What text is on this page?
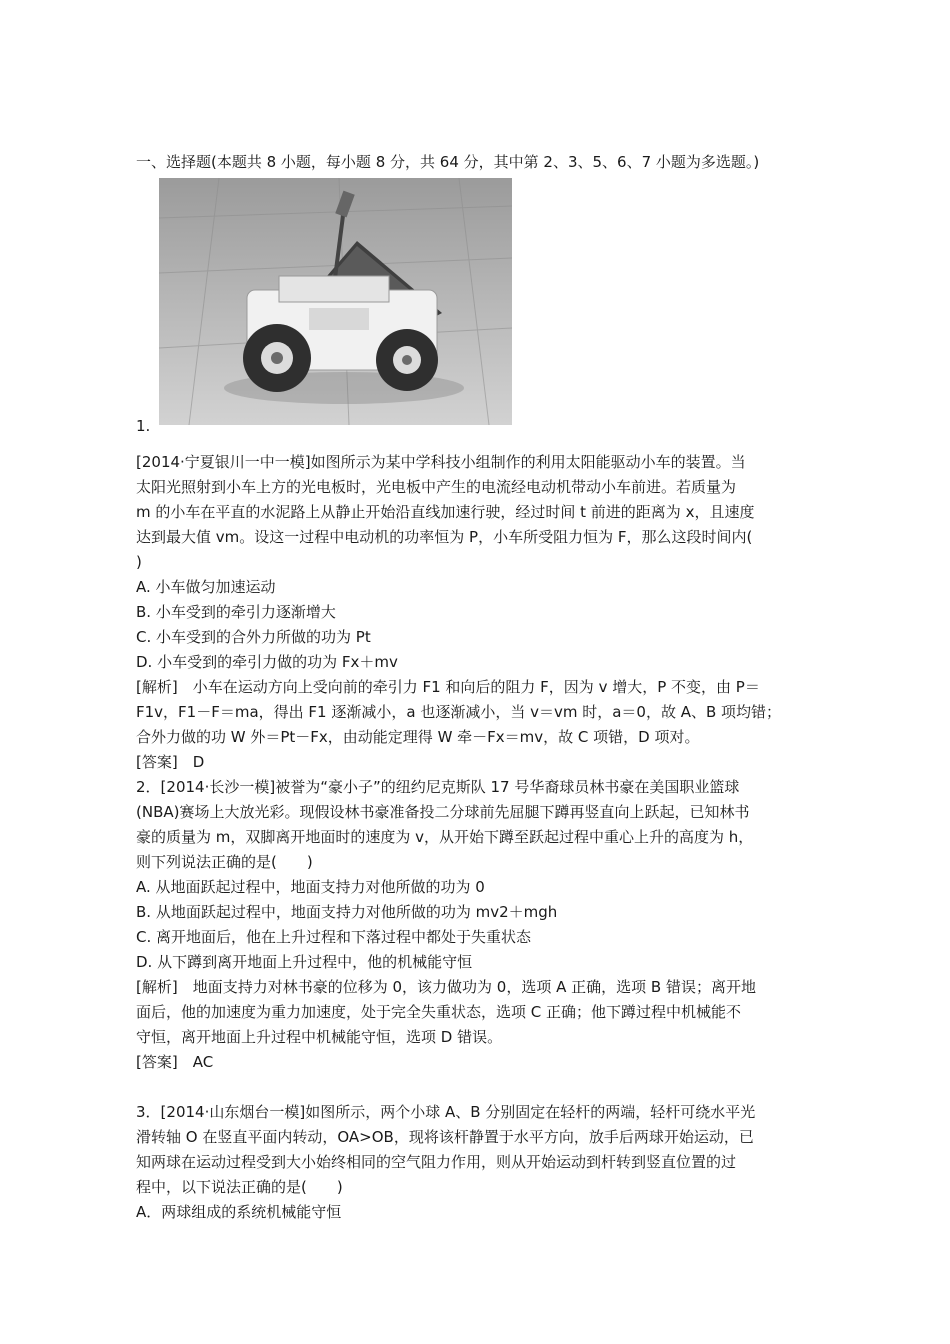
一、选择题(本题共 8 小题，每小题 8 分，共 64 分，其中第 2、3、5、6、7 小题为多选题。)
1.
[2014·宁夏银川一中一模]如图所示为某中学科技小组制作的利用太阳能驱动小车的装置。当
太阳光照射到小车上方的光电板时，光电板中产生的电流经电动机带动小车前进。若质量为
m 的小车在平直的水泥路上从静止开始沿直线加速行驶，经过时间 t 前进的距离为 x，且速度
达到最大值 vm。设这一过程中电动机的功率恒为 P，小车所受阻力恒为 F，那么这段时间内(
)
A. 小车做匀加速运动
B. 小车受到的牵引力逐渐增大
C. 小车受到的合外力所做的功为 Pt
D. 小车受到的牵引力做的功为 Fx＋mv
[解析]　小车在运动方向上受向前的牵引力 F1 和向后的阻力 F，因为 v 增大，P 不变，由 P＝
F1v，F1－F＝ma，得出 F1 逐渐减小，a 也逐渐减小，当 v＝vm 时，a＝0，故 A、B 项均错；
合外力做的功 W 外＝Pt－Fx，由动能定理得 W 牵－Fx＝mv，故 C 项错，D 项对。
[答案]　D
2．[2014·长沙一模]被誉为“豪小子”的纽约尼克斯队 17 号华裔球员林书豪在美国职业篮球
(NBA)赛场上大放光彩。现假设林书豪准备投二分球前先屈腿下蹲再竖直向上跃起，已知林书
豪的质量为 m，双脚离开地面时的速度为 v，从开始下蹲至跃起过程中重心上升的高度为 h，
则下列说法正确的是(　　)
A. 从地面跃起过程中，地面支持力对他所做的功为 0
B. 从地面跃起过程中，地面支持力对他所做的功为 mv2＋mgh
C. 离开地面后，他在上升过程和下落过程中都处于失重状态
D. 从下蹲到离开地面上升过程中，他的机械能守恒
[解析]　地面支持力对林书豪的位移为 0，该力做功为 0，选项 A 正确，选项 B 错误；离开地
面后，他的加速度为重力加速度，处于完全失重状态，选项 C 正确；他下蹲过程中机械能不
守恒，离开地面上升过程中机械能守恒，选项 D 错误。
[答案]　AC
3．[2014·山东烟台一模]如图所示，两个小球 A、B 分别固定在轻杆的两端，轻杆可绕水平光
滑转轴 O 在竖直平面内转动，OA>OB，现将该杆静置于水平方向，放手后两球开始运动，已
知两球在运动过程受到大小始终相同的空气阻力作用，则从开始运动到杆转到竖直位置的过
程中，以下说法正确的是(　　)
A．两球组成的系统机械能守恒
